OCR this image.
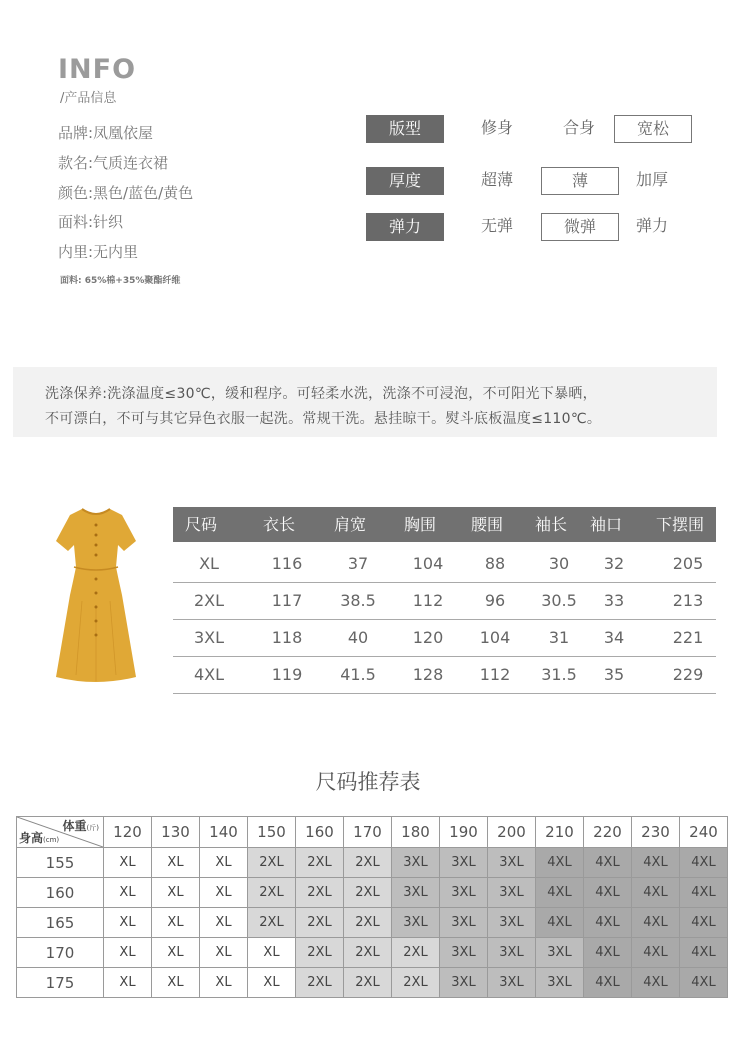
INFO
/产品信息
品牌:凤凰依屋
款名:气质连衣裙
颜色:黑色/蓝色/黄色
面料:针织
内里:无内里
面料: 65%棉+35%聚酯纤维
版型	修身	合身	宽松
厚度	超薄	薄	加厚
弹力	无弹	微弹	弹力
洗涤保养:洗涤温度≤30℃，缓和程序。可轻柔水洗，洗涤不可浸泡，不可阳光下暴晒，
不可漂白，不可与其它异色衣服一起洗。常规干洗。悬挂晾干。熨斗底板温度≤110℃。
尺码	衣长	肩宽	胸围	腰围	袖长	袖口	下摆围
XL	116	37	104	88	30	32	205
2XL	117	38.5	112	96	30.5	33	213
3XL	118	40	120	104	31	34	221
4XL	119	41.5	128	112	31.5	35	229
尺码推荐表
体重(斤)
身高(cm)	120	130	140	150	160	170	180	190	200	210	220	230	240
155	XL	XL	XL	2XL	2XL	2XL	3XL	3XL	3XL	4XL	4XL	4XL	4XL
160	XL	XL	XL	2XL	2XL	2XL	3XL	3XL	3XL	4XL	4XL	4XL	4XL
165	XL	XL	XL	2XL	2XL	2XL	3XL	3XL	3XL	4XL	4XL	4XL	4XL
170	XL	XL	XL	XL	2XL	2XL	2XL	3XL	3XL	3XL	4XL	4XL	4XL
175	XL	XL	XL	XL	2XL	2XL	2XL	3XL	3XL	3XL	4XL	4XL	4XL
